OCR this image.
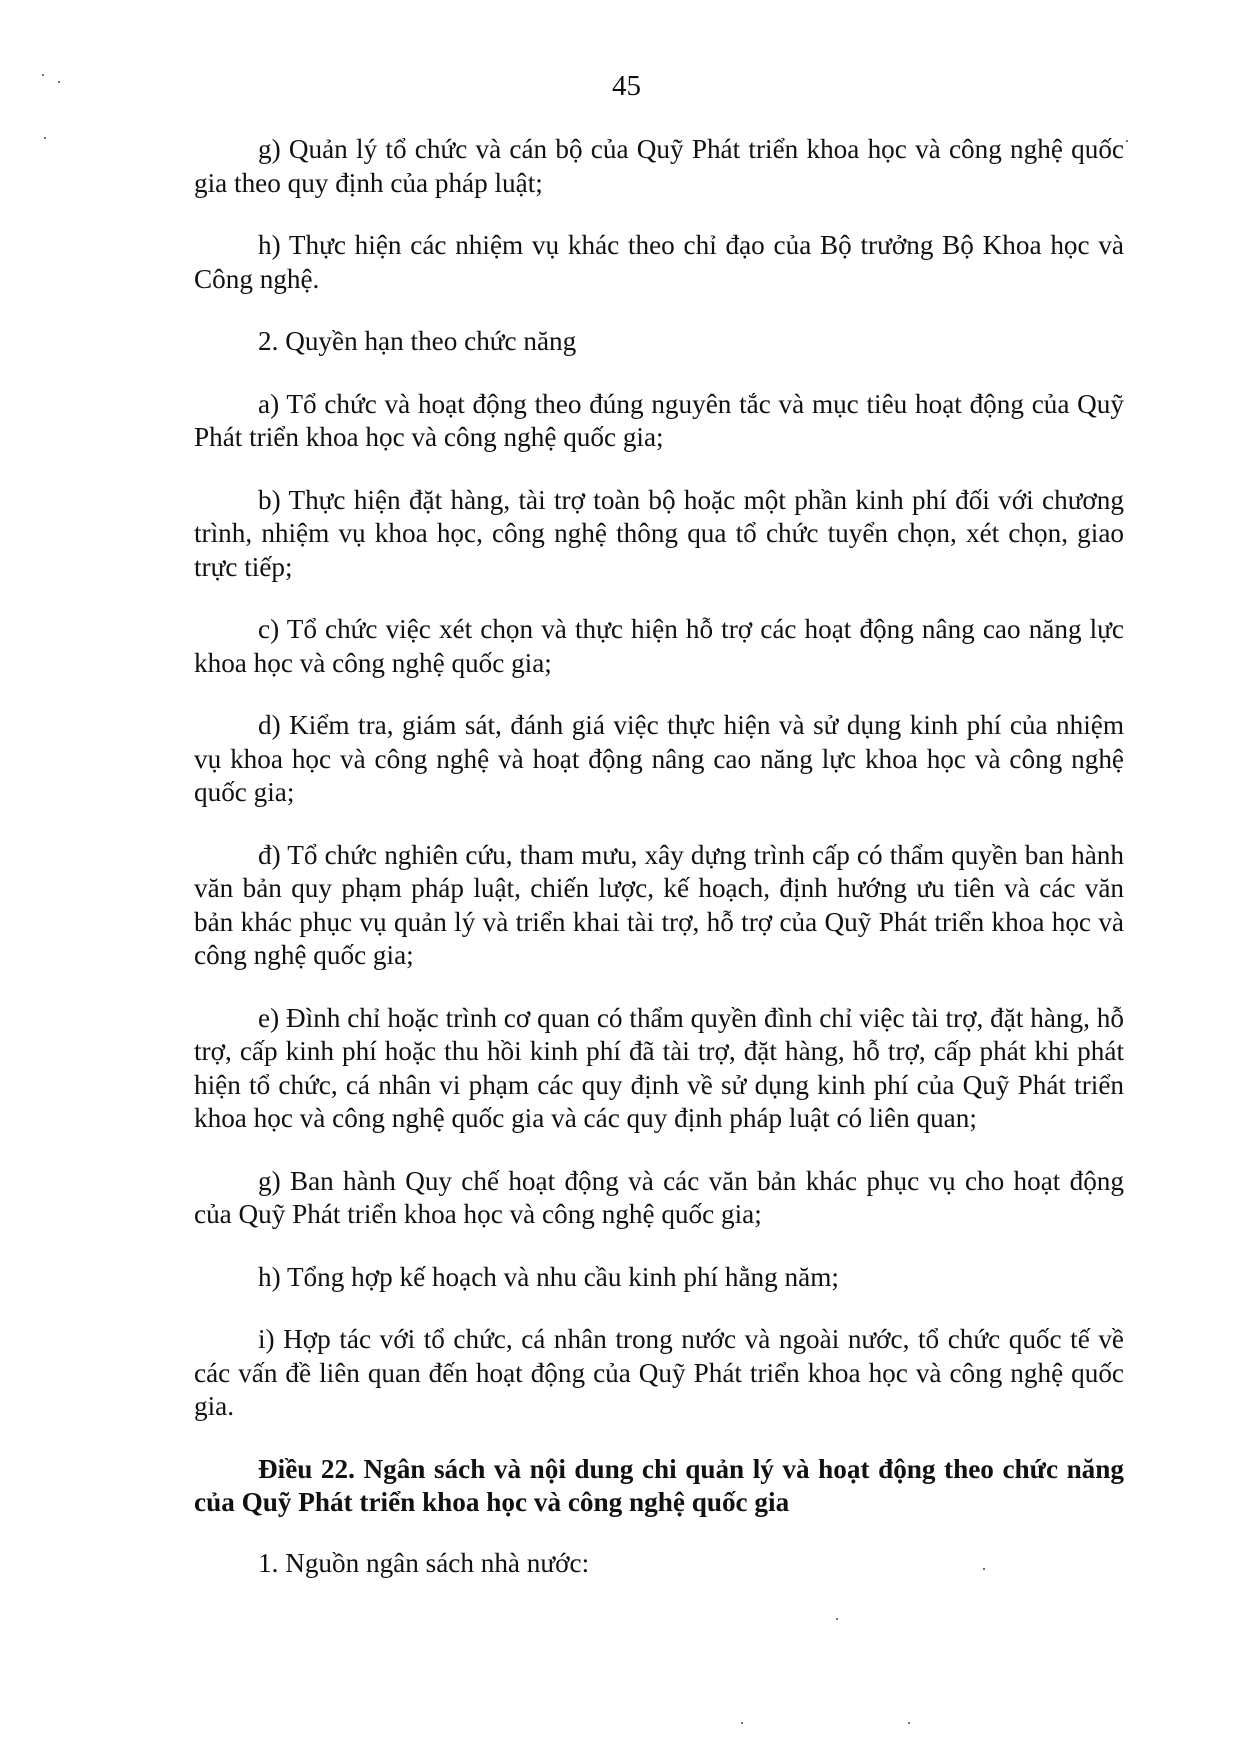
45

g) Quản lý tổ chức và cán bộ của Quỹ Phát triển khoa học và công nghệ quốc gia theo quy định của pháp luật;

h) Thực hiện các nhiệm vụ khác theo chỉ đạo của Bộ trưởng Bộ Khoa học và Công nghệ.

2. Quyền hạn theo chức năng

a) Tổ chức và hoạt động theo đúng nguyên tắc và mục tiêu hoạt động của Quỹ Phát triển khoa học và công nghệ quốc gia;

b) Thực hiện đặt hàng, tài trợ toàn bộ hoặc một phần kinh phí đối với chương trình, nhiệm vụ khoa học, công nghệ thông qua tổ chức tuyển chọn, xét chọn, giao trực tiếp;

c) Tổ chức việc xét chọn và thực hiện hỗ trợ các hoạt động nâng cao năng lực khoa học và công nghệ quốc gia;

d) Kiểm tra, giám sát, đánh giá việc thực hiện và sử dụng kinh phí của nhiệm vụ khoa học và công nghệ và hoạt động nâng cao năng lực khoa học và công nghệ quốc gia;

đ) Tổ chức nghiên cứu, tham mưu, xây dựng trình cấp có thẩm quyền ban hành văn bản quy phạm pháp luật, chiến lược, kế hoạch, định hướng ưu tiên và các văn bản khác phục vụ quản lý và triển khai tài trợ, hỗ trợ của Quỹ Phát triển khoa học và công nghệ quốc gia;

e) Đình chỉ hoặc trình cơ quan có thẩm quyền đình chỉ việc tài trợ, đặt hàng, hỗ trợ, cấp kinh phí hoặc thu hồi kinh phí đã tài trợ, đặt hàng, hỗ trợ, cấp phát khi phát hiện tổ chức, cá nhân vi phạm các quy định về sử dụng kinh phí của Quỹ Phát triển khoa học và công nghệ quốc gia và các quy định pháp luật có liên quan;

g) Ban hành Quy chế hoạt động và các văn bản khác phục vụ cho hoạt động của Quỹ Phát triển khoa học và công nghệ quốc gia;

h) Tổng hợp kế hoạch và nhu cầu kinh phí hằng năm;

i) Hợp tác với tổ chức, cá nhân trong nước và ngoài nước, tổ chức quốc tế về các vấn đề liên quan đến hoạt động của Quỹ Phát triển khoa học và công nghệ quốc gia.

Điều 22. Ngân sách và nội dung chi quản lý và hoạt động theo chức năng của Quỹ Phát triển khoa học và công nghệ quốc gia

1. Nguồn ngân sách nhà nước:
